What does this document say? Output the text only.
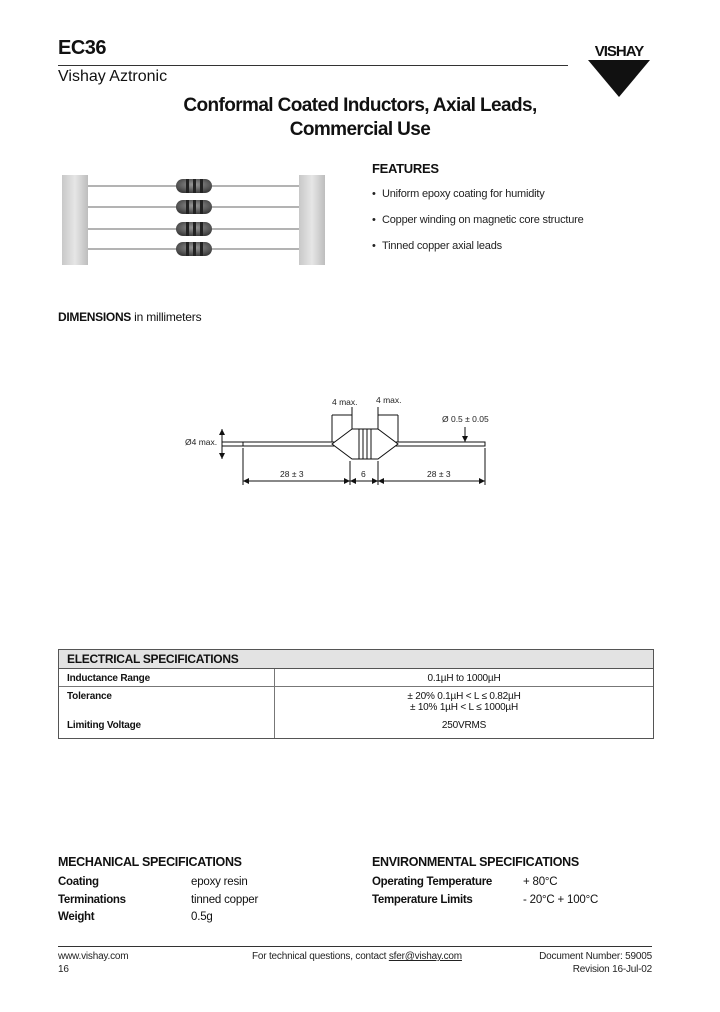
EC36
Vishay Aztronic
VISHAY
Conformal Coated Inductors, Axial Leads,
Commercial Use
FEATURES
• Uniform epoxy coating for humidity
• Copper winding on magnetic core structure
• Tinned copper axial leads
DIMENSIONS in millimeters
Ø4 max.
4 max. 4 max.
Ø 0.5 ± 0.05
28 ± 3	6	28 ± 3
ELECTRICAL SPECIFICATIONS
Inductance Range	0.1µH to 1000µH
Tolerance	± 20% 0.1µH < L ≤ 0.82µH
± 10% 1µH < L ≤ 1000µH
Limiting Voltage	250VRMS
MECHANICAL SPECIFICATIONS
Coating	epoxy resin
Terminations	tinned copper
Weight	0.5g
ENVIRONMENTAL SPECIFICATIONS
Operating Temperature	+ 80°C
Temperature Limits	- 20°C + 100°C
www.vishay.com
16
For technical questions, contact sfer@vishay.com	Document Number: 59005
Revision 16-Jul-02
